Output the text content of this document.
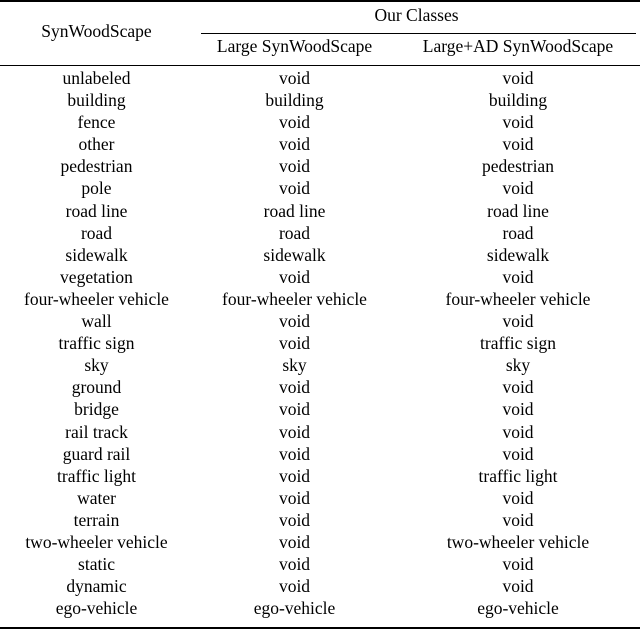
SynWoodScape	Our Classes	
	Large SynWoodScape	Large+AD SynWoodScape
unlabeled	void	void
building	building	building
fence	void	void
other	void	void
pedestrian	void	pedestrian
pole	void	void
road line	road line	road line
road	road	road
sidewalk	sidewalk	sidewalk
vegetation	void	void
four-wheeler vehicle	four-wheeler vehicle	four-wheeler vehicle
wall	void	void
traffic sign	void	traffic sign
sky	sky	sky
ground	void	void
bridge	void	void
rail track	void	void
guard rail	void	void
traffic light	void	traffic light
water	void	void
terrain	void	void
two-wheeler vehicle	void	two-wheeler vehicle
static	void	void
dynamic	void	void
ego-vehicle	ego-vehicle	ego-vehicle
